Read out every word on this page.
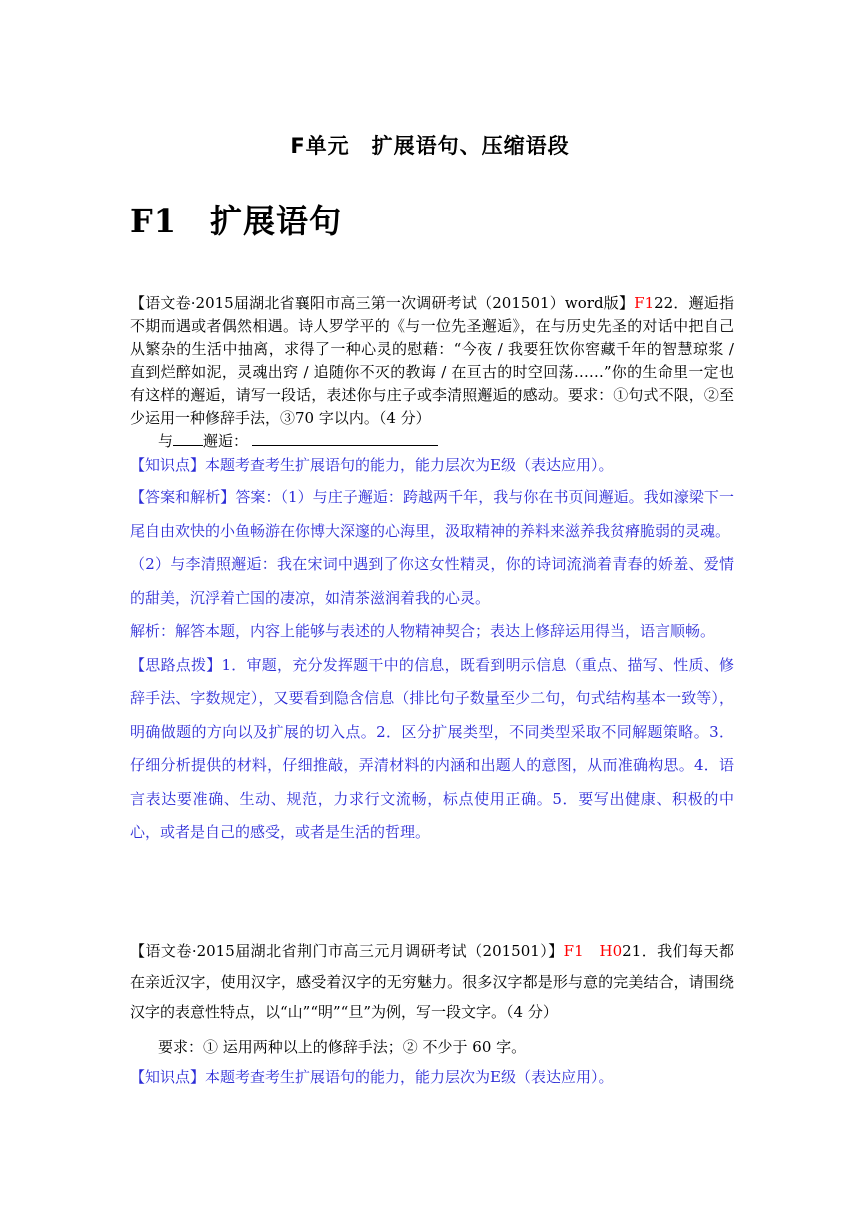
F单元　扩展语句、压缩语段
F1　扩展语句
【语文卷·2015届湖北省襄阳市高三第一次调研考试（201501）word版】F122．邂逅指不期而遇或者偶然相遇。诗人罗学平的《与一位先圣邂逅》，在与历史先圣的对话中把自己从繁杂的生活中抽离，求得了一种心灵的慰藉：“今夜 / 我要狂饮你窖藏千年的智慧琼浆 / 直到烂醉如泥，灵魂出窍 / 追随你不灭的教诲 / 在亘古的时空回荡……”你的生命里一定也有这样的邂逅，请写一段话，表述你与庄子或李清照邂逅的感动。要求：①句式不限，②至少运用一种修辞手法，③70 字以内。（4 分）
与 邂逅：
【知识点】本题考查考生扩展语句的能力，能力层次为E级（表达应用）。
【答案和解析】答案：（1）与庄子邂逅：跨越两千年，我与你在书页间邂逅。我如濠梁下一尾自由欢快的小鱼畅游在你博大深邃的心海里，汲取精神的养料来滋养我贫瘠脆弱的灵魂。
（2）与李清照邂逅：我在宋词中遇到了你这女性精灵，你的诗词流淌着青春的娇羞、爱情的甜美，沉浮着亡国的凄凉，如清茶滋润着我的心灵。
解析：解答本题，内容上能够与表述的人物精神契合；表达上修辞运用得当，语言顺畅。
【思路点拨】1．审题，充分发挥题干中的信息，既看到明示信息（重点、描写、性质、修辞手法、字数规定），又要看到隐含信息（排比句子数量至少二句，句式结构基本一致等），明确做题的方向以及扩展的切入点。2．区分扩展类型，不同类型采取不同解题策略。3．仔细分析提供的材料，仔细推敲，弄清材料的内涵和出题人的意图，从而准确构思。4．语言表达要准确、生动、规范，力求行文流畅，标点使用正确。5．要写出健康、积极的中心，或者是自己的感受，或者是生活的哲理。
【语文卷·2015届湖北省荆门市高三元月调研考试（201501）】F1　H021．我们每天都在亲近汉字，使用汉字，感受着汉字的无穷魅力。很多汉字都是形与意的完美结合，请围绕汉字的表意性特点，以“山”“明”“旦”为例，写一段文字。（4 分）
要求：① 运用两种以上的修辞手法；② 不少于 60 字。
【知识点】本题考查考生扩展语句的能力，能力层次为E级（表达应用）。
